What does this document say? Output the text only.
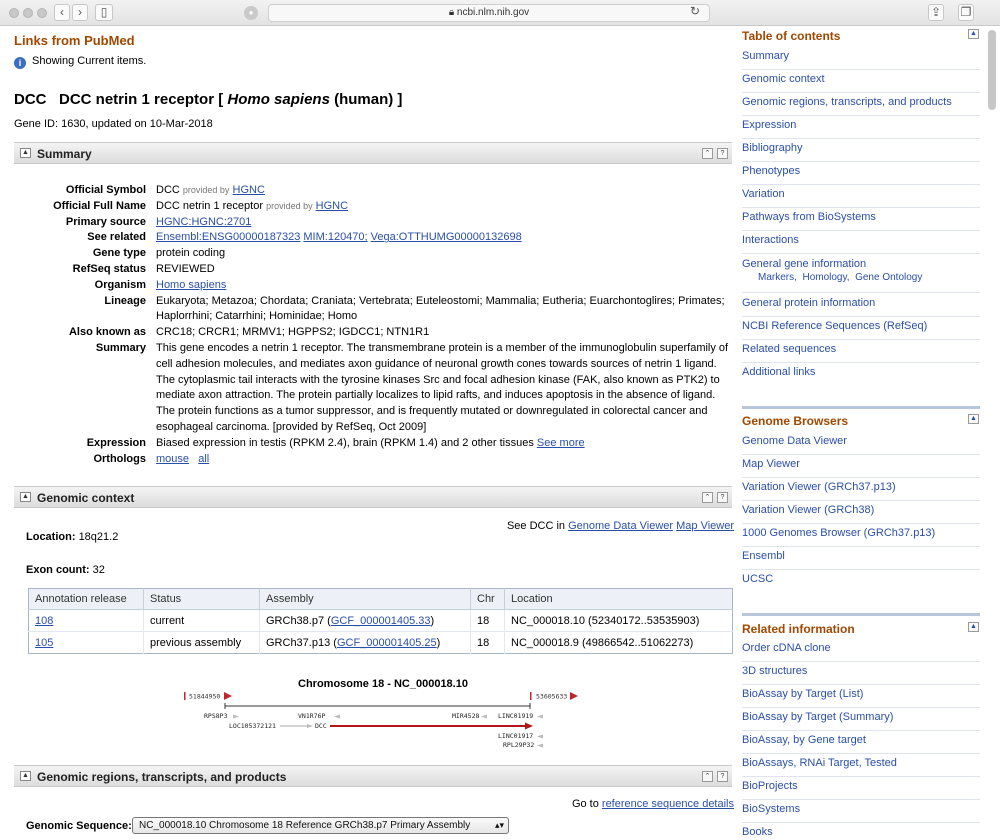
‹	›	▯	●	🔒︎ ncbi.nlm.nih.gov	↻	⇪ ❐
Links from PubMed
i Showing Current items.
DCC DCC netrin 1 receptor [ Homo sapiens (human) ]
Gene ID: 1630, updated on 10-Mar-2018
▲ Summary	⌃	?
Official Symbol	DCC provided by HGNC
Official Full Name	DCC netrin 1 receptor provided by HGNC
Primary source	HGNC:HGNC:2701
See related	Ensembl:ENSG00000187323 MIM:120470; Vega:OTTHUMG00000132698
Gene type	protein coding
RefSeq status	REVIEWED
Organism	Homo sapiens
Lineage	Eukaryota; Metazoa; Chordata; Craniata; Vertebrata; Euteleostomi; Mammalia; Eutheria; Euarchontoglires; Primates; Haplorrhini; Catarrhini; Hominidae; Homo
Also known as	CRC18; CRCR1; MRMV1; HGPPS2; IGDCC1; NTN1R1
Summary	This gene encodes a netrin 1 receptor. The transmembrane protein is a member of the immunoglobulin superfamily of cell adhesion molecules, and mediates axon guidance of neuronal growth cones towards sources of netrin 1 ligand. The cytoplasmic tail interacts with the tyrosine kinases Src and focal adhesion kinase (FAK, also known as PTK2) to mediate axon attraction. The protein partially localizes to lipid rafts, and induces apoptosis in the absence of ligand. The protein functions as a tumor suppressor, and is frequently mutated or downregulated in colorectal cancer and esophageal carcinoma. [provided by RefSeq, Oct 2009]
Expression	Biased expression in testis (RPKM 2.4), brain (RPKM 1.4) and 2 other tissues See more
Orthologs	mouse all
▲ Genomic context	⌃	?
See DCC in Genome Data Viewer Map Viewer
Location: 18q21.2
Exon count: 32
Annotation release	Status	Assembly	Chr	Location
108	current	GRCh38.p7 (GCF_000001405.33)	18	NC_000018.10 (52340172..53535903)
105	previous assembly	GRCh37.p13 (GCF_000001405.25)	18	NC_000018.9 (49866542..51062273)
Chromosome 18 - NC_000018.10
51844950	53605633
RPS8P3	VN1R76P	MIR4528	LINC01919
LOC105372121	DCC
LINC01917
RPL29P32
▲ Genomic regions, transcripts, and products	⌃	?
Go to reference sequence details
Genomic Sequence: NC_000018.10 Chromosome 18 Reference GRCh38.p7 Primary Assembly	▴▾
Table of contents	▲
Summary
Genomic context
Genomic regions, transcripts, and products
Expression
Bibliography
Phenotypes
Variation
Pathways from BioSystems
Interactions
General gene information
Markers, Homology, Gene Ontology
General protein information
NCBI Reference Sequences (RefSeq)
Related sequences
Additional links
Genome Browsers	▲
Genome Data Viewer
Map Viewer
Variation Viewer (GRCh37.p13)
Variation Viewer (GRCh38)
1000 Genomes Browser (GRCh37.p13)
Ensembl
UCSC
Related information	▲
Order cDNA clone
3D structures
BioAssay by Target (List)
BioAssay by Target (Summary)
BioAssay, by Gene target
BioAssays, RNAi Target, Tested
BioProjects
BioSystems
Books
